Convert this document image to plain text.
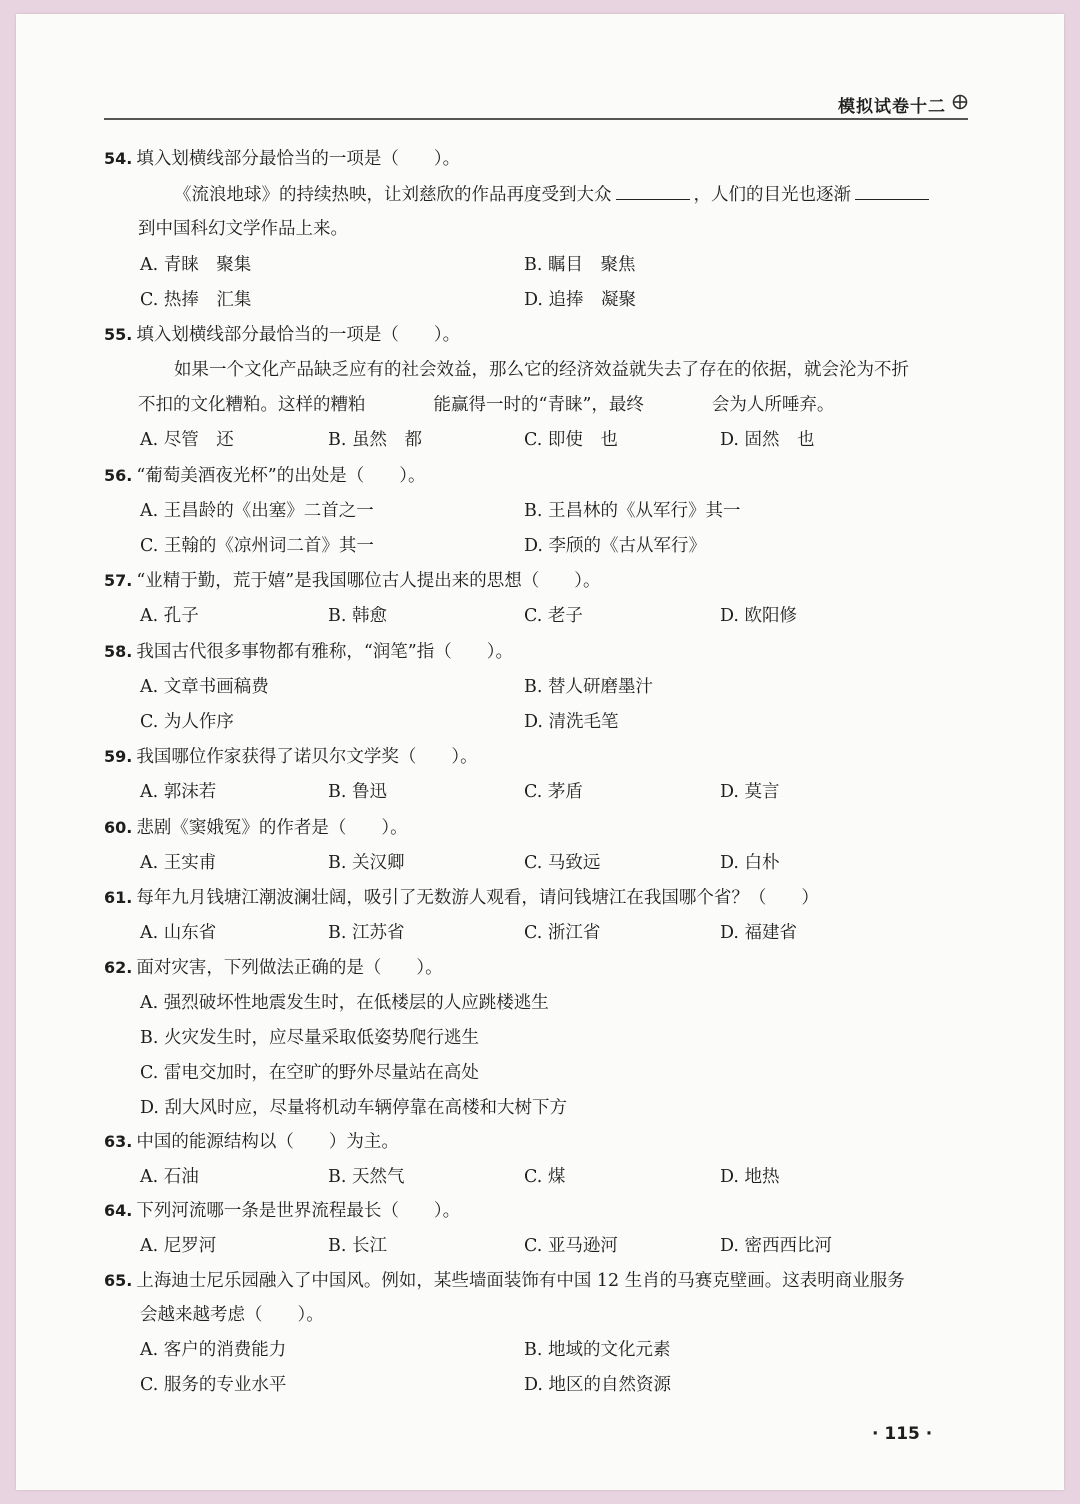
模拟试卷十二
54. 填入划横线部分最恰当的一项是（　　）。
《流浪地球》的持续热映，让刘慈欣的作品再度受到大众	，人们的目光也逐渐
到中国科幻文学作品上来。
A. 青睐　聚集	B. 瞩目　聚焦
C. 热捧　汇集	D. 追捧　凝聚
55. 填入划横线部分最恰当的一项是（　　）。
如果一个文化产品缺乏应有的社会效益，那么它的经济效益就失去了存在的依据，就会沦为不折
不扣的文化糟粕。这样的糟粕	能赢得一时的“青睐”，最终	会为人所唾弃。
A. 尽管　还	B. 虽然　都	C. 即使　也	D. 固然　也
56. “葡萄美酒夜光杯”的出处是（　　）。
A. 王昌龄的《出塞》二首之一	B. 王昌林的《从军行》其一
C. 王翰的《凉州词二首》其一	D. 李颀的《古从军行》
57. “业精于勤，荒于嬉”是我国哪位古人提出来的思想（　　）。
A. 孔子	B. 韩愈	C. 老子	D. 欧阳修
58. 我国古代很多事物都有雅称，“润笔”指（　　）。
A. 文章书画稿费	B. 替人研磨墨汁
C. 为人作序	D. 清洗毛笔
59. 我国哪位作家获得了诺贝尔文学奖（　　）。
A. 郭沫若	B. 鲁迅	C. 茅盾	D. 莫言
60. 悲剧《窦娥冤》的作者是（　　）。
A. 王实甫	B. 关汉卿	C. 马致远	D. 白朴
61. 每年九月钱塘江潮波澜壮阔，吸引了无数游人观看，请问钱塘江在我国哪个省？（　　）
A. 山东省	B. 江苏省	C. 浙江省	D. 福建省
62. 面对灾害，下列做法正确的是（　　）。
A. 强烈破坏性地震发生时，在低楼层的人应跳楼逃生
B. 火灾发生时，应尽量采取低姿势爬行逃生
C. 雷电交加时，在空旷的野外尽量站在高处
D. 刮大风时应，尽量将机动车辆停靠在高楼和大树下方
63. 中国的能源结构以（　　）为主。
A. 石油	B. 天然气	C. 煤	D. 地热
64. 下列河流哪一条是世界流程最长（　　）。
A. 尼罗河	B. 长江	C. 亚马逊河	D. 密西西比河
65. 上海迪士尼乐园融入了中国风。例如，某些墙面装饰有中国 12 生肖的马赛克壁画。这表明商业服务
会越来越考虑（　　）。
A. 客户的消费能力	B. 地域的文化元素
C. 服务的专业水平	D. 地区的自然资源
· 115 ·
